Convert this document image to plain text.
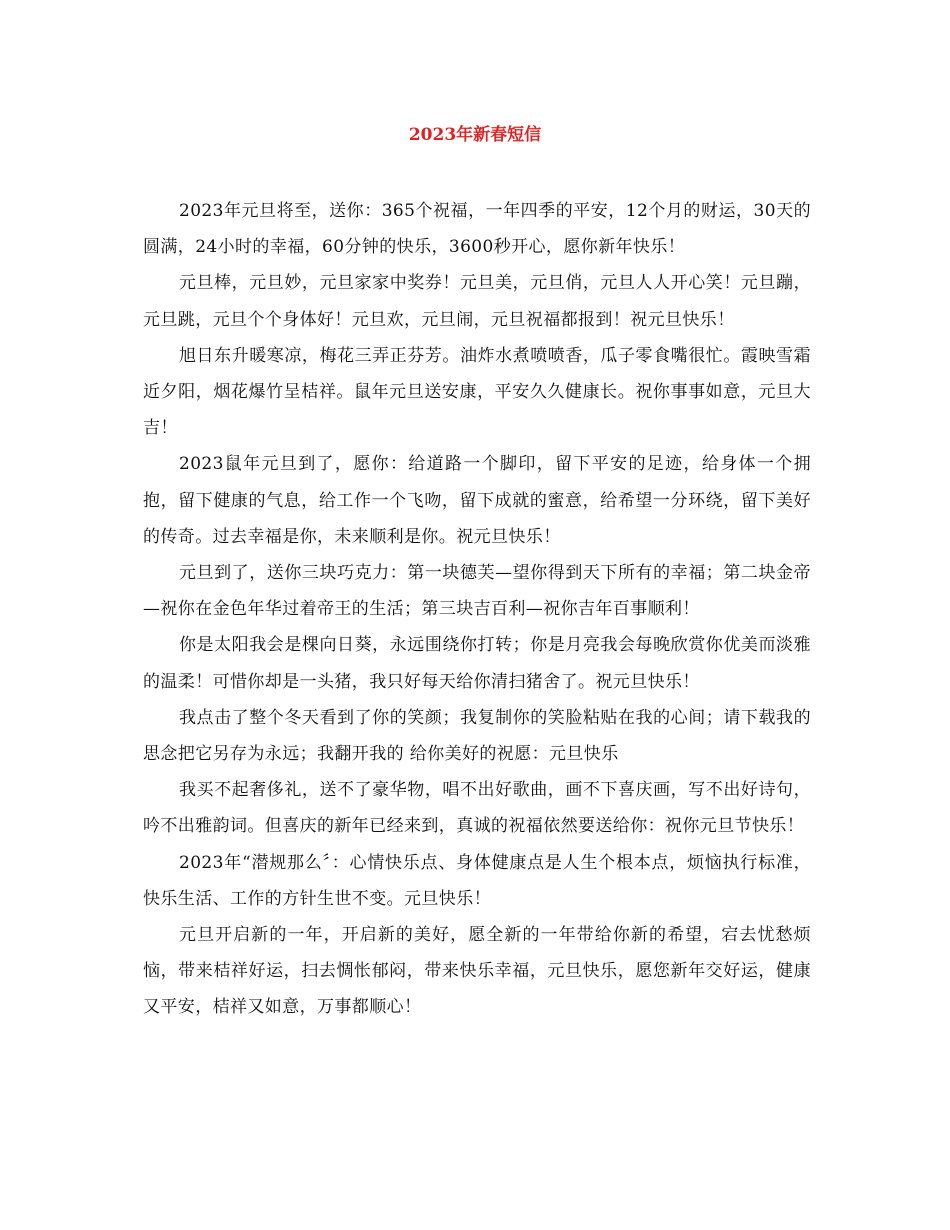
2023年新春短信

2023年元旦将至，送你：365个祝福，一年四季的平安，12个月的财运，30天的圆满，24小时的幸福，60分钟的快乐，3600秒开心，愿你新年快乐！

元旦棒，元旦妙，元旦家家中奖券！元旦美，元旦俏，元旦人人开心笑！元旦蹦，元旦跳，元旦个个身体好！元旦欢，元旦闹，元旦祝福都报到！祝元旦快乐！

旭日东升暖寒凉，梅花三弄正芬芳。油炸水煮喷喷香，瓜子零食嘴很忙。霞映雪霜近夕阳，烟花爆竹呈桔祥。鼠年元旦送安康，平安久久健康长。祝你事事如意，元旦大吉！

2023鼠年元旦到了，愿你：给道路一个脚印，留下平安的足迹，给身体一个拥抱，留下健康的气息，给工作一个飞吻，留下成就的蜜意，给希望一分环绕，留下美好的传奇。过去幸福是你，未来顺利是你。祝元旦快乐！

元旦到了，送你三块巧克力：第一块德芙—望你得到天下所有的幸福；第二块金帝—祝你在金色年华过着帝王的生活；第三块吉百利—祝你吉年百事顺利！

你是太阳我会是棵向日葵，永远围绕你打转；你是月亮我会每晚欣赏你优美而淡雅的温柔！可惜你却是一头猪，我只好每天给你清扫猪舍了。祝元旦快乐！

我点击了整个冬天看到了你的笑颜；我复制你的笑脸粘贴在我的心间；请下载我的思念把它另存为永远；我翻开我的 给你美好的祝愿：元旦快乐

我买不起奢侈礼，送不了豪华物，唱不出好歌曲，画不下喜庆画，写不出好诗句，吟不出雅韵词。但喜庆的新年已经来到，真诚的祝福依然要送给你：祝你元旦节快乐！

2023年“潜规那么〞：心情快乐点、身体健康点是人生个根本点，烦恼执行标准，快乐生活、工作的方针生世不变。元旦快乐！

元旦开启新的一年，开启新的美好，愿全新的一年带给你新的希望，宕去忧愁烦恼，带来桔祥好运，扫去惆怅郁闷，带来快乐幸福，元旦快乐，愿您新年交好运，健康又平安，桔祥又如意，万事都顺心！
